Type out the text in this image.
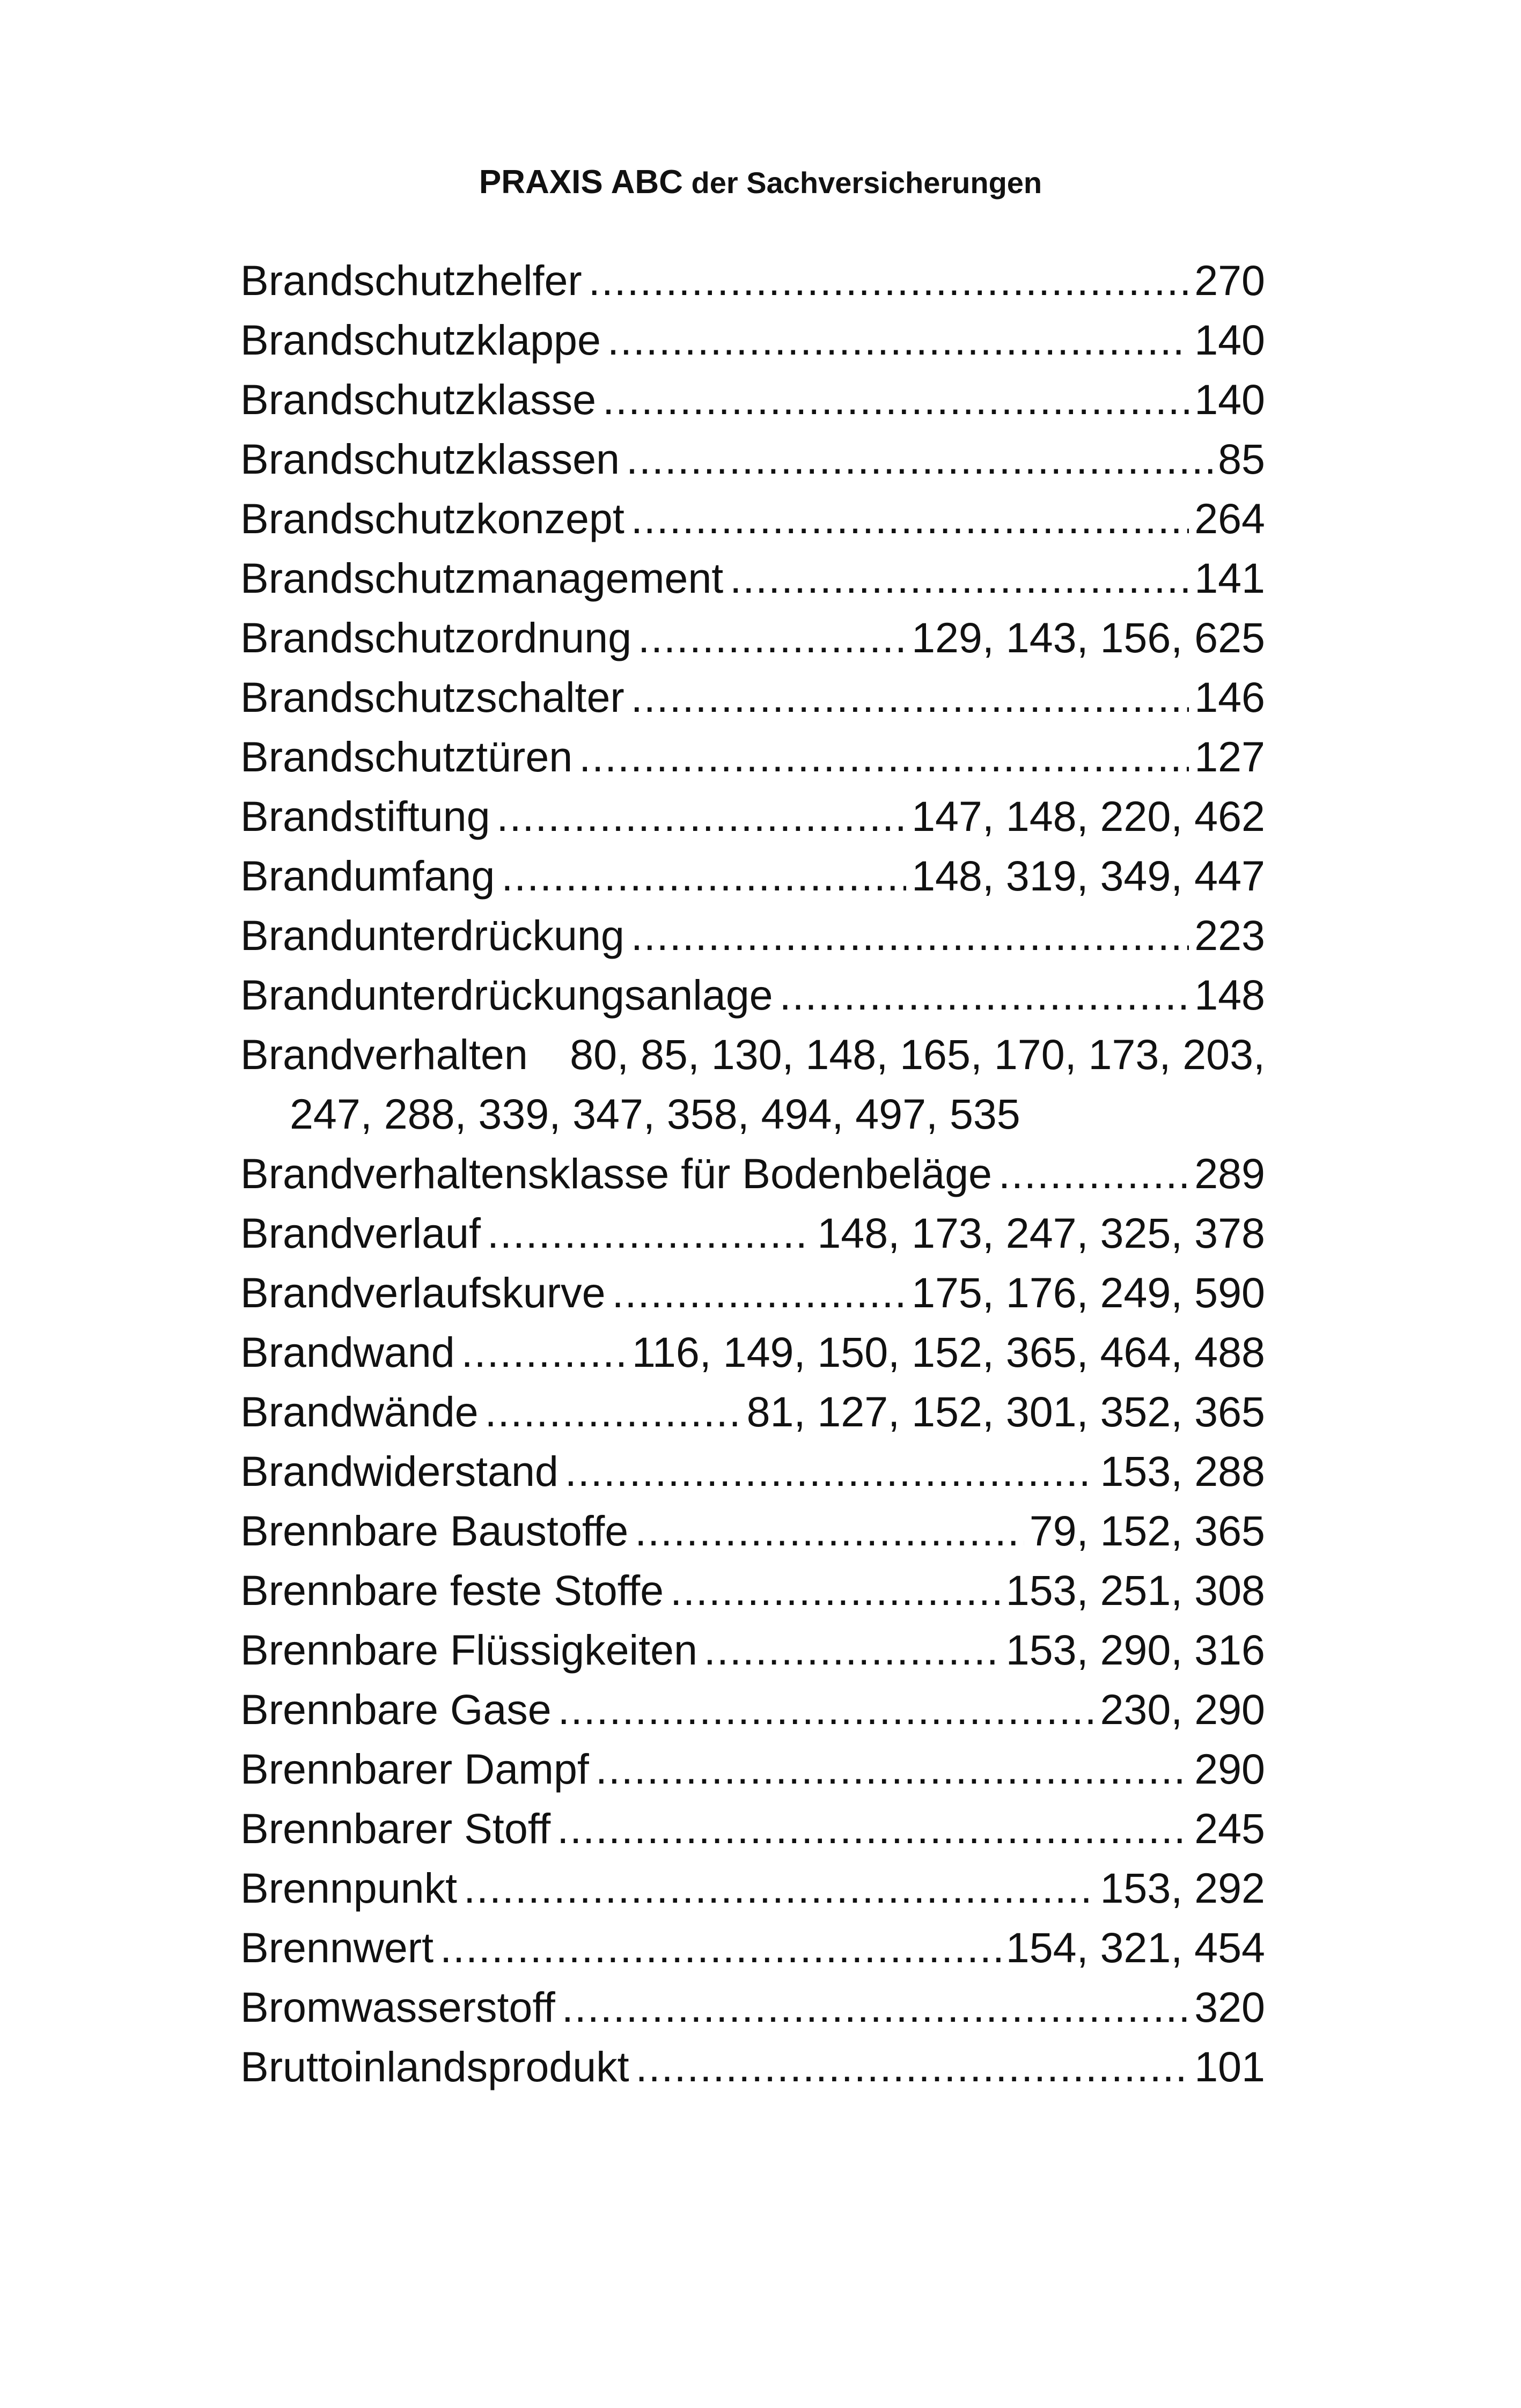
PRAXIS ABC der Sachversicherungen
Brandschutzhelfer .....	270
Brandschutzklappe .....	140
Brandschutzklasse .....	140
Brandschutzklassen .....	85
Brandschutzkonzept .....	264
Brandschutzmanagement .....	141
Brandschutzordnung .....	129, 143, 156, 625
Brandschutzschalter .....	146
Brandschutztüren .....	127
Brandstiftung .....	147, 148, 220, 462
Brandumfang .....	148, 319, 349, 447
Brandunterdrückung .....	223
Brandunterdrückungsanlage .....	148
Brandverhalten 80, 85, 130, 148, 165, 170, 173, 203,
247, 288, 339, 347, 358, 494, 497, 535
Brandverhaltensklasse für Bodenbeläge .....	289
Brandverlauf .....	148, 173, 247, 325, 378
Brandverlaufskurve .....	175, 176, 249, 590
Brandwand .....	116, 149, 150, 152, 365, 464, 488
Brandwände .....	81, 127, 152, 301, 352, 365
Brandwiderstand .....	153, 288
Brennbare Baustoffe .....	79, 152, 365
Brennbare feste Stoffe .....	153, 251, 308
Brennbare Flüssigkeiten .....	153, 290, 316
Brennbare Gase .....	230, 290
Brennbarer Dampf .....	290
Brennbarer Stoff .....	245
Brennpunkt .....	153, 292
Brennwert .....	154, 321, 454
Bromwasserstoff .....	320
Bruttoinlandsprodukt .....	101
